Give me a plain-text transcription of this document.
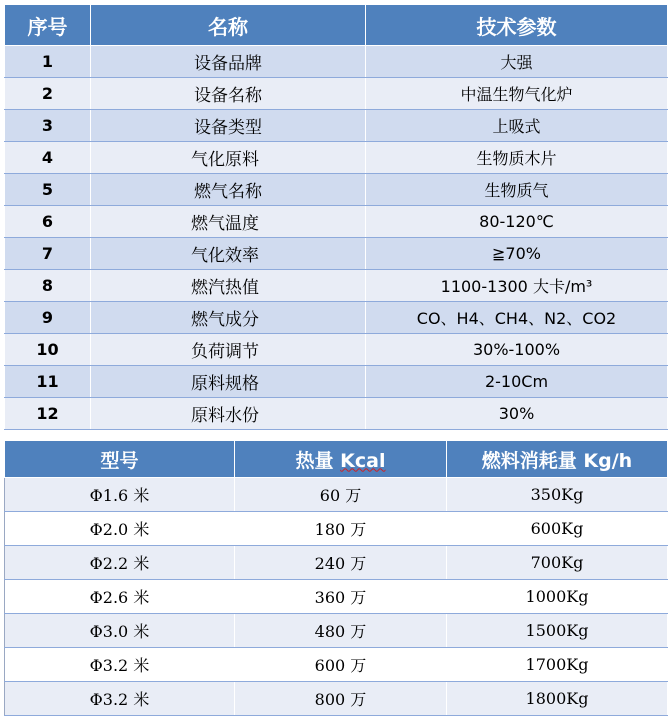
序号	名称	技术参数
1	设备品牌	大强
2	设备名称	中温生物气化炉
3	设备类型	上吸式
4	气化原料	生物质木片
5	燃气名称	生物质气
6	燃气温度	80-120℃
7	气化效率	≧70%
8	燃汽热值	1100-1300 大卡/m³
9	燃气成分	CO、H4、CH4、N2、CO2
10	负荷调节	30%-100%
11	原料规格	2-10Cm
12	原料水份	30%
型号	热量 Kcal	燃料消耗量 Kg/h
Φ1.6 米	60 万	350Kg
Φ2.0 米	180 万	600Kg
Φ2.2 米	240 万	700Kg
Φ2.6 米	360 万	1000Kg
Φ3.0 米	480 万	1500Kg
Φ3.2 米	600 万	1700Kg
Φ3.2 米	800 万	1800Kg
